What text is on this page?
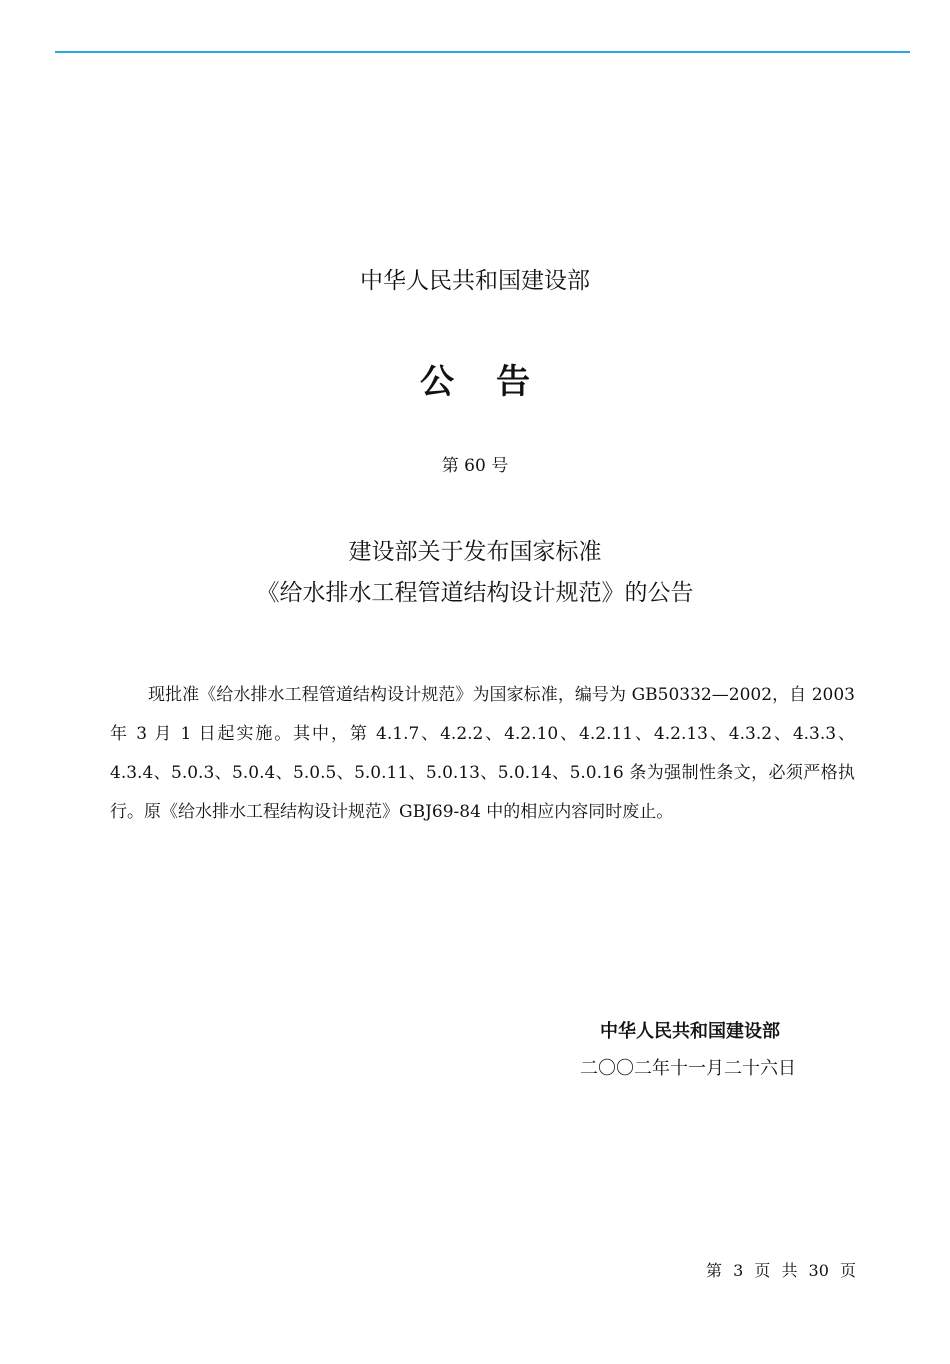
中华人民共和国建设部
公 告
第 60 号
建设部关于发布国家标准
《给水排水工程管道结构设计规范》的公告
现批准《给水排水工程管道结构设计规范》为国家标准，编号为 GB50332—2002，自 2003 年 3 月 1 日起实施。其中，第 4.1.7、4.2.2、4.2.10、4.2.11、4.2.13、4.3.2、4.3.3、4.3.4、5.0.3、5.0.4、5.0.5、5.0.11、5.0.13、5.0.14、5.0.16 条为强制性条文，必须严格执行。原《给水排水工程结构设计规范》GBJ69-84 中的相应内容同时废止。
中华人民共和国建设部
二〇〇二年十一月二十六日
第 3 页 共 30 页
